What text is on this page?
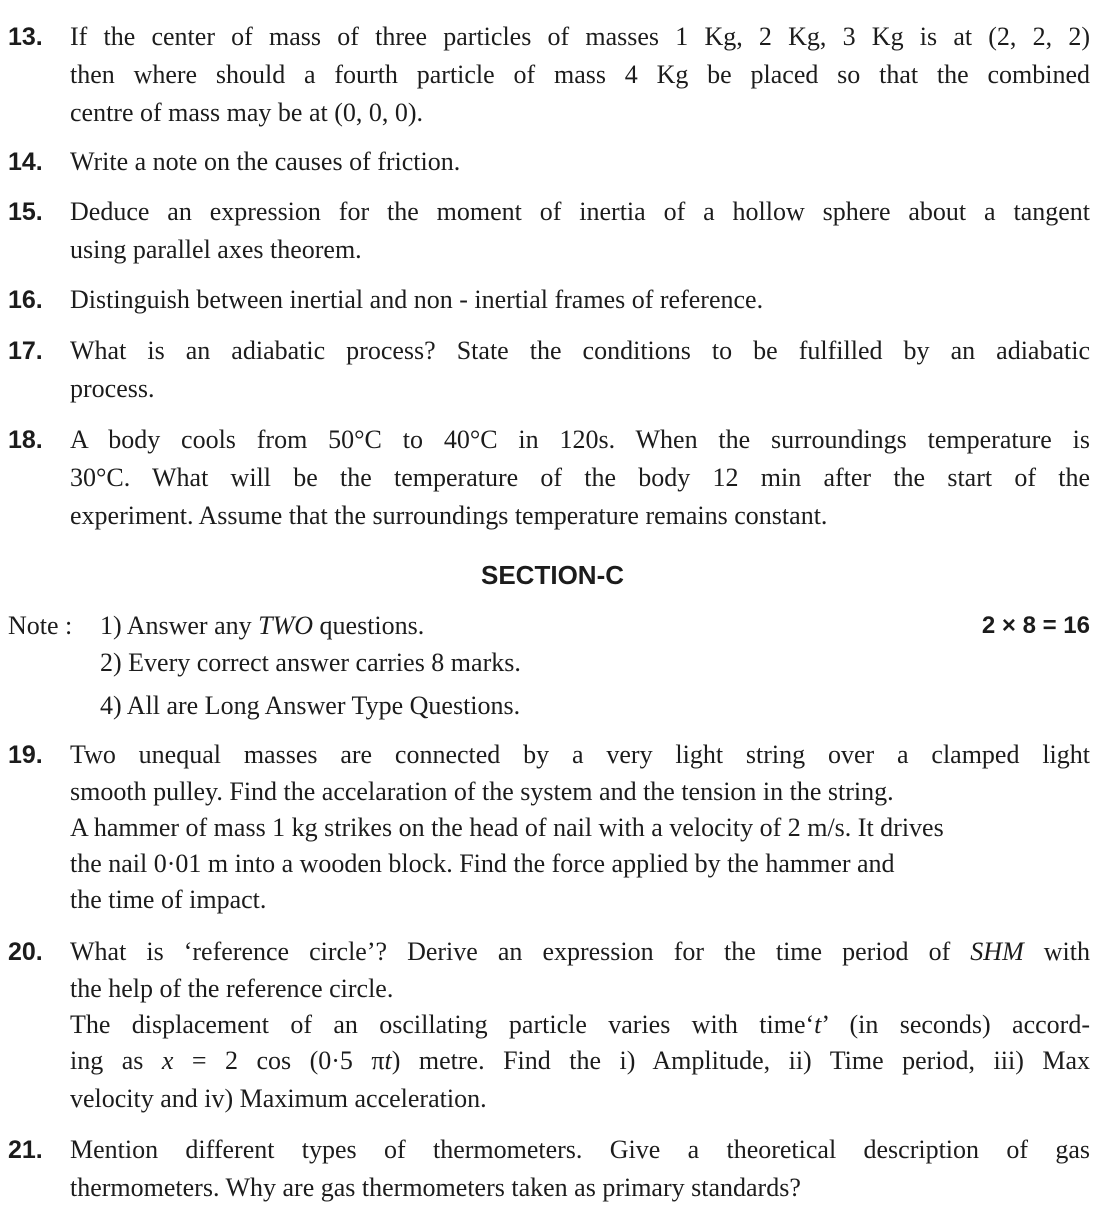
13.	If the center of mass of three particles of masses 1 Kg, 2 Kg, 3 Kg is at (2, 2, 2)
then where should a fourth particle of mass 4 Kg be placed so that the combined
centre of mass may be at (0, 0, 0).
14.	Write a note on the causes of friction.
15.	Deduce an expression for the moment of inertia of a hollow sphere about a tangent
using parallel axes theorem.
16.	Distinguish between inertial and non - inertial frames of reference.
17.	What is an adiabatic process? State the conditions to be fulfilled by an adiabatic
process.
18.	A body cools from 50°C to 40°C in 120s. When the surroundings temperature is
30°C. What will be the temperature of the body 12 min after the start of the
experiment. Assume that the surroundings temperature remains constant.
SECTION-C
Note : 1) Answer any TWO questions.	2 × 8 = 16
2) Every correct answer carries 8 marks.
4) All are Long Answer Type Questions.
19.	Two unequal masses are connected by a very light string over a clamped light
smooth pulley. Find the accelaration of the system and the tension in the string.
A hammer of mass 1 kg strikes on the head of nail with a velocity of 2 m/s. It drives
the nail 0·01 m into a wooden block. Find the force applied by the hammer and
the time of impact.
20.	What is ‘reference circle’? Derive an expression for the time period of SHM with
the help of the reference circle.
The displacement of an oscillating particle varies with time‘t’ (in seconds) accord-
ing as x = 2 cos (0·5 πt) metre. Find the i) Amplitude, ii) Time period, iii) Max
velocity and iv) Maximum acceleration.
21.	Mention different types of thermometers. Give a theoretical description of gas
thermometers. Why are gas thermometers taken as primary standards?
